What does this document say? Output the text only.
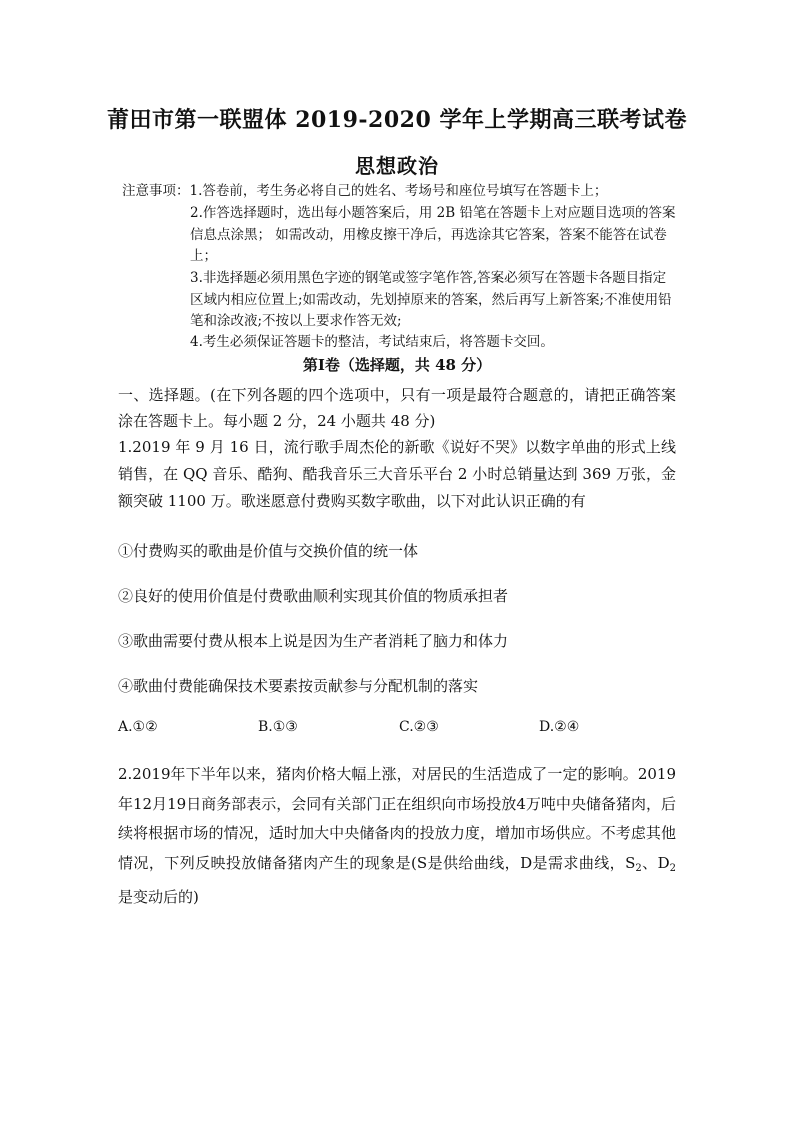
莆田市第一联盟体 2019-2020 学年上学期高三联考试卷
思想政治
注意事项：1.答卷前，考生务必将自己的姓名、考场号和座位号填写在答题卡上；
2.作答选择题时，选出每小题答案后，用 2B 铅笔在答题卡上对应题目选项的答案信息点涂黑； 如需改动，用橡皮擦干净后，再选涂其它答案，答案不能答在试卷上；
3.非选择题必须用黑色字迹的钢笔或签字笔作答,答案必须写在答题卡各题目指定区域内相应位置上;如需改动，先划掉原来的答案，然后再写上新答案;不准使用铅笔和涂改液;不按以上要求作答无效;
4.考生必须保证答题卡的整洁，考试结束后，将答题卡交回。
第Ⅰ卷（选择题，共 48 分）
一、选择题。(在下列各题的四个选项中，只有一项是最符合题意的，请把正确答案涂在答题卡上。每小题 2 分，24 小题共 48 分)
1.2019 年 9 月 16 日，流行歌手周杰伦的新歌《说好不哭》以数字单曲的形式上线销售，在 QQ 音乐、酷狗、酷我音乐三大音乐平台 2 小时总销量达到 369 万张，金额突破 1100 万。歌迷愿意付费购买数字歌曲，以下对此认识正确的有
①付费购买的歌曲是价值与交换价值的统一体
②良好的使用价值是付费歌曲顺利实现其价值的物质承担者
③歌曲需要付费从根本上说是因为生产者消耗了脑力和体力
④歌曲付费能确保技术要素按贡献参与分配机制的落实
A.①②	B.①③	C.②③	D.②④
2.2019年下半年以来，猪肉价格大幅上涨，对居民的生活造成了一定的影响。2019年12月19日商务部表示，会同有关部门正在组织向市场投放4万吨中央储备猪肉，后续将根据市场的情况，适时加大中央储备肉的投放力度，增加市场供应。不考虑其他情况，下列反映投放储备猪肉产生的现象是(S是供给曲线，D是需求曲线，$S_2$、$D_2$是变动后的)
